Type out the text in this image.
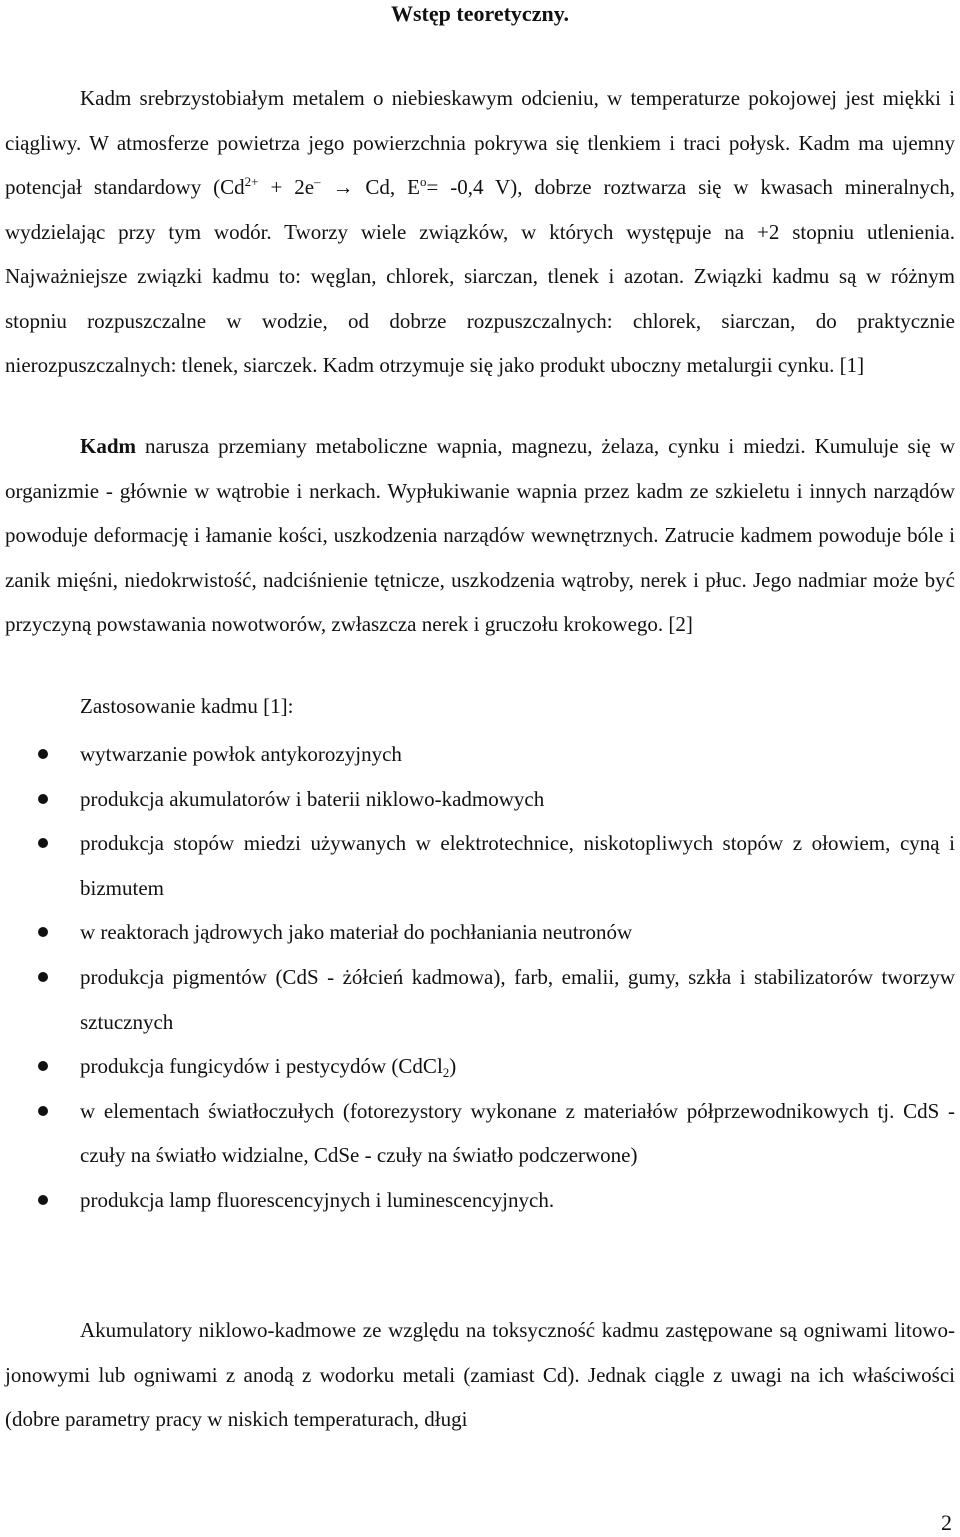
Wstęp teoretyczny.

Kadm srebrzystobiałym metalem o niebieskawym odcieniu, w temperaturze pokojowej jest miękki i ciągliwy. W atmosferze powietrza jego powierzchnia pokrywa się tlenkiem i traci połysk. Kadm ma ujemny potencjał standardowy ($Cd^{2+} + 2e^- \to Cd$, $E^o= -0,4$ V), dobrze roztwarza się w kwasach mineralnych, wydzielając przy tym wodór. Tworzy wiele związków, w których występuje na +2 stopniu utlenienia. Najważniejsze związki kadmu to: węglan, chlorek, siarczan, tlenek i azotan. Związki kadmu są w różnym stopniu rozpuszczalne w wodzie, od dobrze rozpuszczalnych: chlorek, siarczan, do praktycznie nierozpuszczalnych: tlenek, siarczek. Kadm otrzymuje się jako produkt uboczny metalurgii cynku. [1]

Kadm narusza przemiany metaboliczne wapnia, magnezu, żelaza, cynku i miedzi. Kumuluje się w organizmie - głównie w wątrobie i nerkach. Wypłukiwanie wapnia przez kadm ze szkieletu i innych narządów powoduje deformację i łamanie kości, uszkodzenia narządów wewnętrznych. Zatrucie kadmem powoduje bóle i zanik mięśni, niedokrwistość, nadciśnienie tętnicze, uszkodzenia wątroby, nerek i płuc. Jego nadmiar może być przyczyną powstawania nowotworów, zwłaszcza nerek i gruczołu krokowego. [2]

Zastosowanie kadmu [1]:

wytwarzanie powłok antykorozyjnych
produkcja akumulatorów i baterii niklowo-kadmowych
produkcja stopów miedzi używanych w elektrotechnice, niskotopliwych stopów z ołowiem, cyną i bizmutem
w reaktorach jądrowych jako materiał do pochłaniania neutronów
produkcja pigmentów (CdS - żółcień kadmowa), farb, emalii, gumy, szkła i stabilizatorów tworzyw sztucznych
produkcja fungicydów i pestycydów (CdCl$_2$)
w elementach światłoczułych (fotorezystory wykonane z materiałów półprzewodnikowych tj. CdS - czuły na światło widzialne, CdSe - czuły na światło podczerwone)
produkcja lamp fluorescencyjnych i luminescencyjnych.

Akumulatory niklowo-kadmowe ze względu na toksyczność kadmu zastępowane są ogniwami litowo-jonowymi lub ogniwami z anodą z wodorku metali (zamiast Cd). Jednak ciągle z uwagi na ich właściwości (dobre parametry pracy w niskich temperaturach, długi

2
